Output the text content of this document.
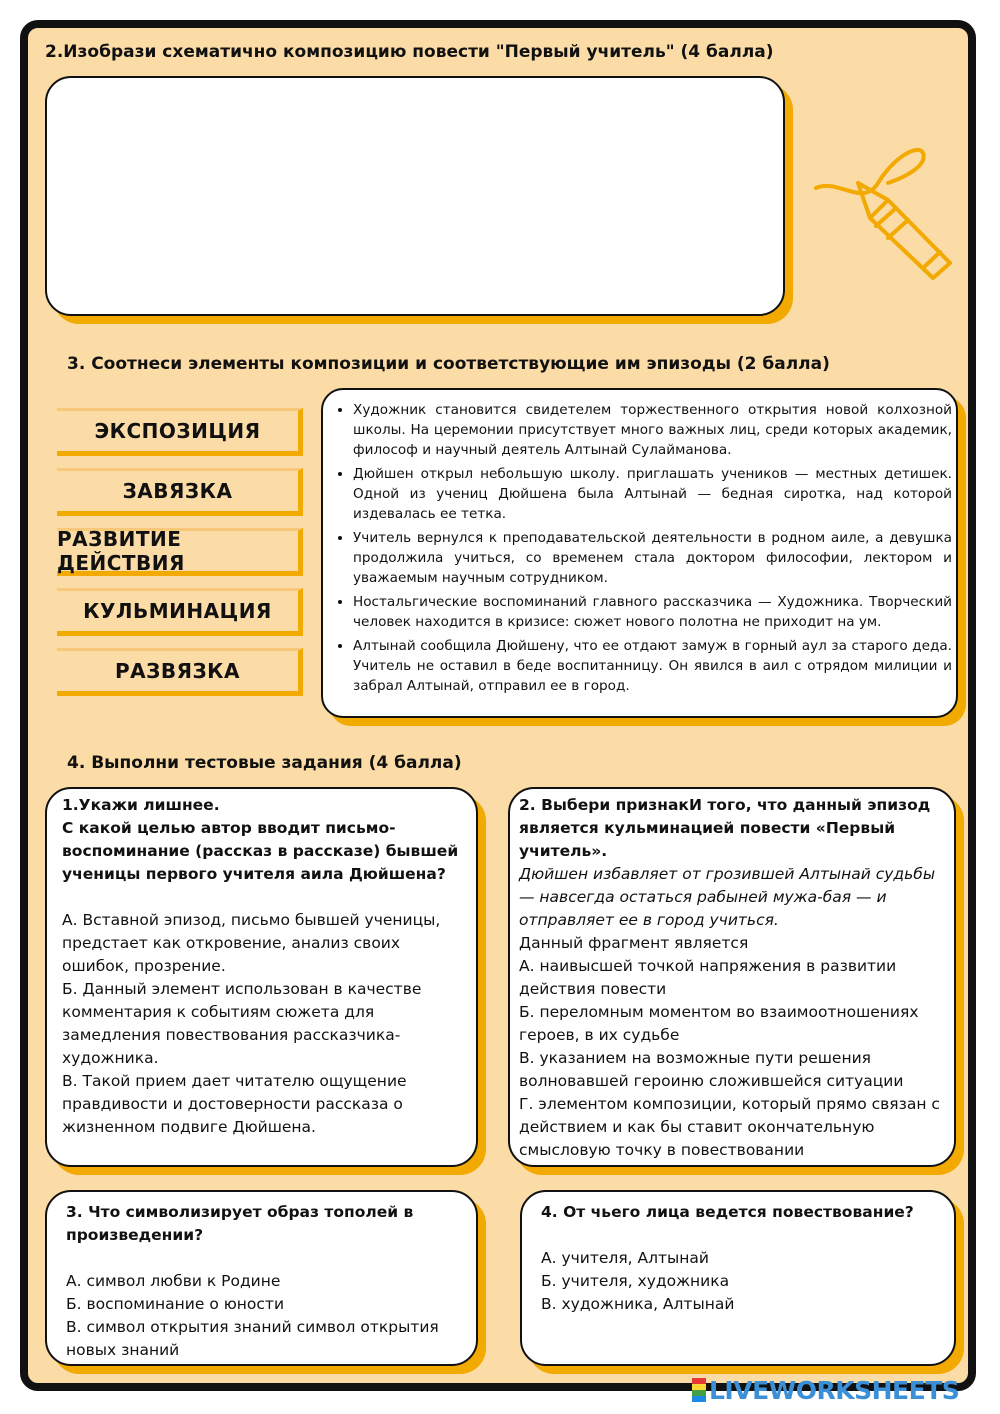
2.Изобрази схематично композицию повести "Первый учитель" (4 балла)
3. Соотнеси элементы композиции и соответствующие им эпизоды (2 балла)
ЭКСПОЗИЦИЯ
ЗАВЯЗКА
РАЗВИТИЕ ДЕЙСТВИЯ
КУЛЬМИНАЦИЯ
РАЗВЯЗКА
• Художник становится свидетелем торжественного открытия новой колхозной школы. На церемонии присутствует много важных лиц, среди которых академик, философ и научный деятель Алтынай Сулайманова.
• Дюйшен открыл небольшую школу. приглашать учеников — местных детишек. Одной из учениц Дюйшена была Алтынай — бедная сиротка, над которой издевалась ее тетка.
• Учитель вернулся к преподавательской деятельности в родном аиле, а девушка продолжила учиться, со временем стала доктором философии, лектором и уважаемым научным сотрудником.
• Ностальгические воспоминаний главного рассказчика — Художника. Творческий человек находится в кризисе: сюжет нового полотна не приходит на ум.
• Алтынай сообщила Дюйшену, что ее отдают замуж в горный аул за старого деда. Учитель не оставил в беде воспитанницу. Он явился в аил с отрядом милиции и забрал Алтынай, отправил ее в город.
4. Выполни тестовые задания (4 балла)

1.Укажи лишнее.

С какой целью автор вводит письмо-воспоминание (рассказ в рассказе) бывшей ученицы первого учителя аила Дюйшена?

А. Вставной эпизод, письмо бывшей ученицы, предстает как откровение, анализ своих ошибок, прозрение.

Б. Данный элемент использован в качестве комментария к событиям сюжета для замедления повествования рассказчика-художника.

В. Такой прием дает читателю ощущение правдивости и достоверности рассказа о жизненном подвиге Дюйшена.

2. Выбери признакИ того, что данный эпизод является кульминацией повести «Первый учитель».

Дюйшен избавляет от грозившей Алтынай судьбы — навсегда остаться рабыней мужа-бая — и отправляет ее в город учиться.

Данный фрагмент является

А. наивысшей точкой напряжения в развитии действия повести

Б. переломным моментом во взаимоотношениях героев, в их судьбе

В. указанием на возможные пути решения волновавшей героиню сложившейся ситуации

Г. элементом композиции, который прямо связан с действием и как бы ставит окончательную смысловую точку в повествовании

3. Что символизирует образ тополей в произведении?

А. символ любви к Родине

Б. воспоминание о юности

В. символ открытия знаний символ открытия новых знаний

4. От чьего лица ведется повествование?

А. учителя, Алтынай

Б. учителя, художника

В. художника, Алтынай

LIVEWORKSHEETS
